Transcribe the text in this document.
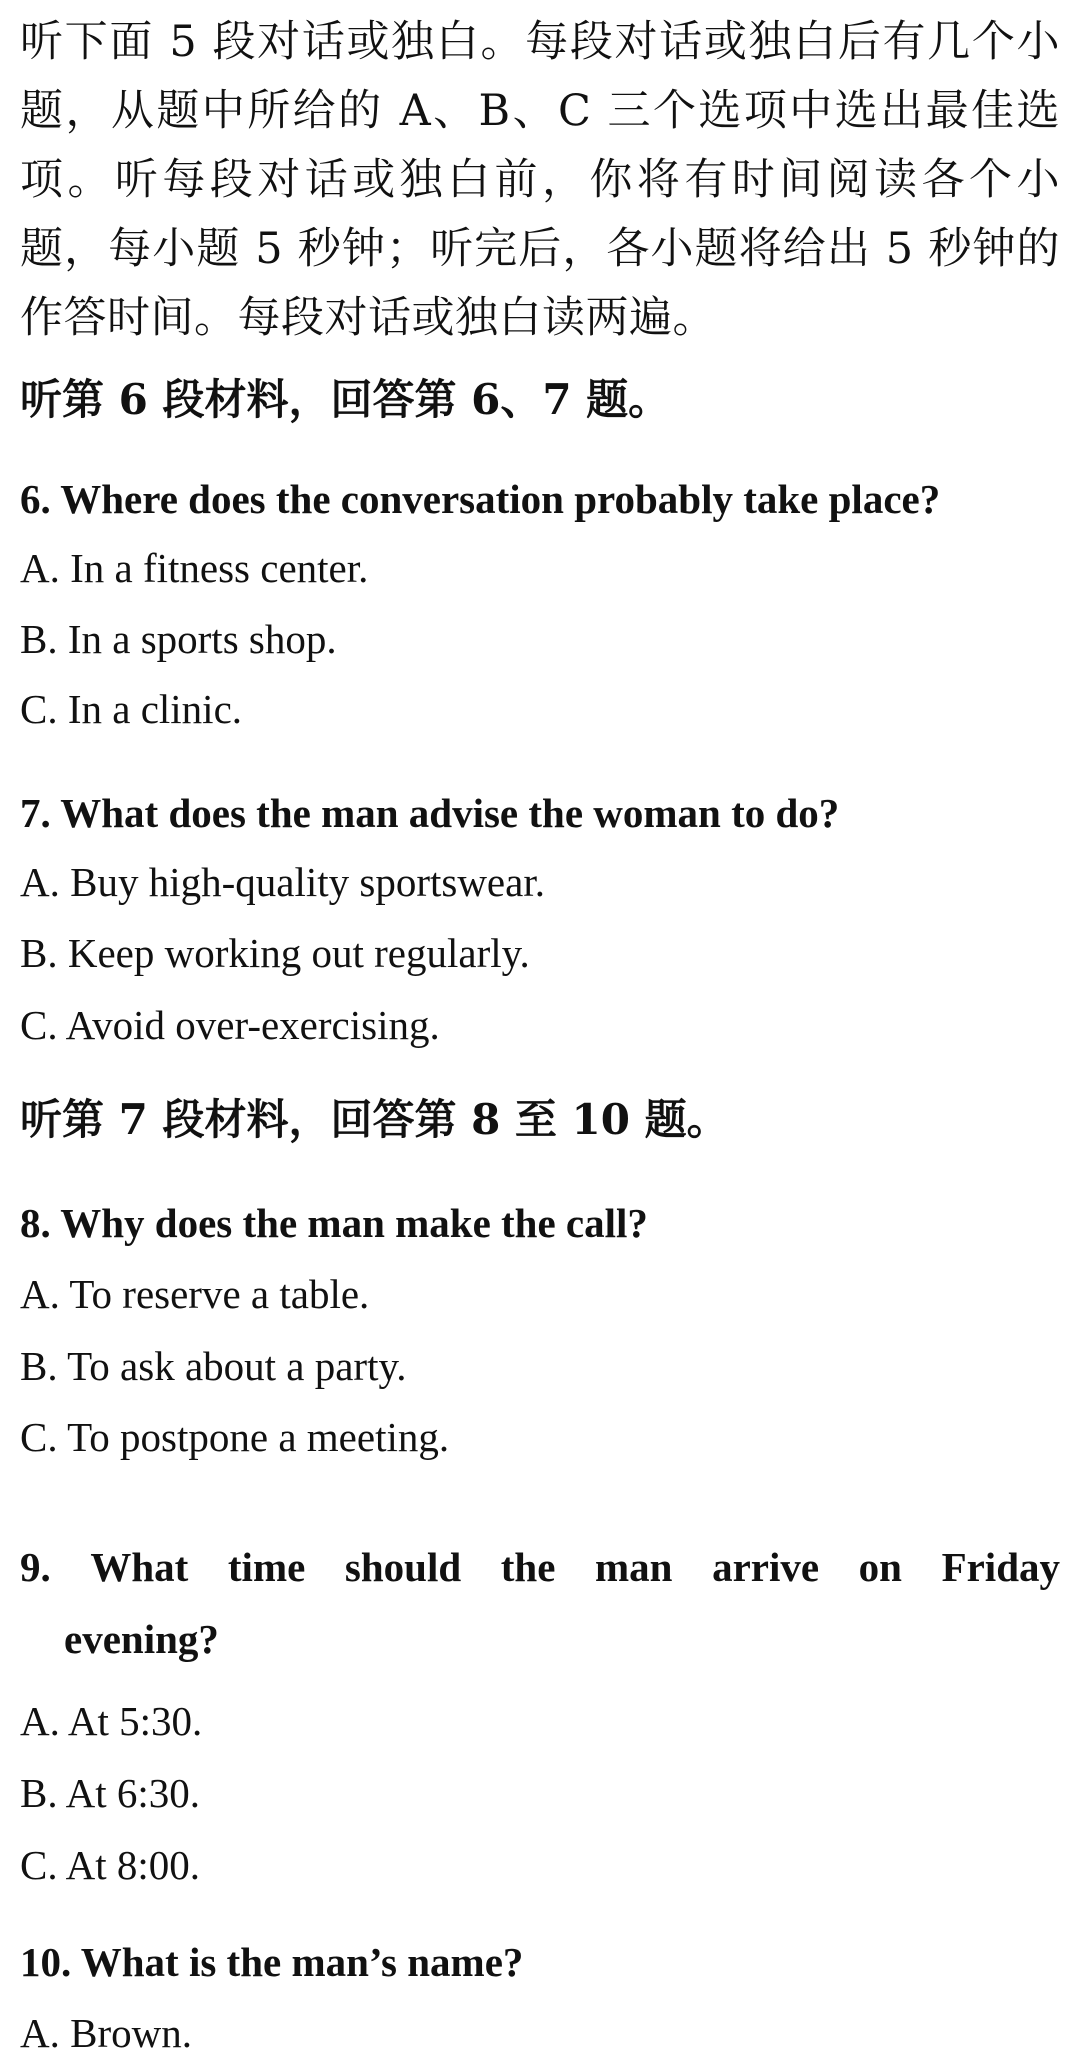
听下面 5 段对话或独白。每段对话或独白后有几个小题，从题中所给的 A、B、C 三个选项中选出最佳选项。听每段对话或独白前，你将有时间阅读各个小题，每小题 5 秒钟；听完后，各小题将给出 5 秒钟的作答时间。每段对话或独白读两遍。

听第 6 段材料，回答第 6、7 题。
6. Where does the conversation probably take place?
A. In a fitness center.
B. In a sports shop.
C. In a clinic.
7. What does the man advise the woman to do?
A. Buy high-quality sportswear.
B. Keep working out regularly.
C. Avoid over-exercising.
听第 7 段材料，回答第 8 至 10 题。
8. Why does the man make the call?
A. To reserve a table.
B. To ask about a party.
C. To postpone a meeting.
9. What time should the man arrive on Friday
evening?
A. At 5:30.
B. At 6:30.
C. At 8:00.
10. What is the man’s name?
A. Brown.
